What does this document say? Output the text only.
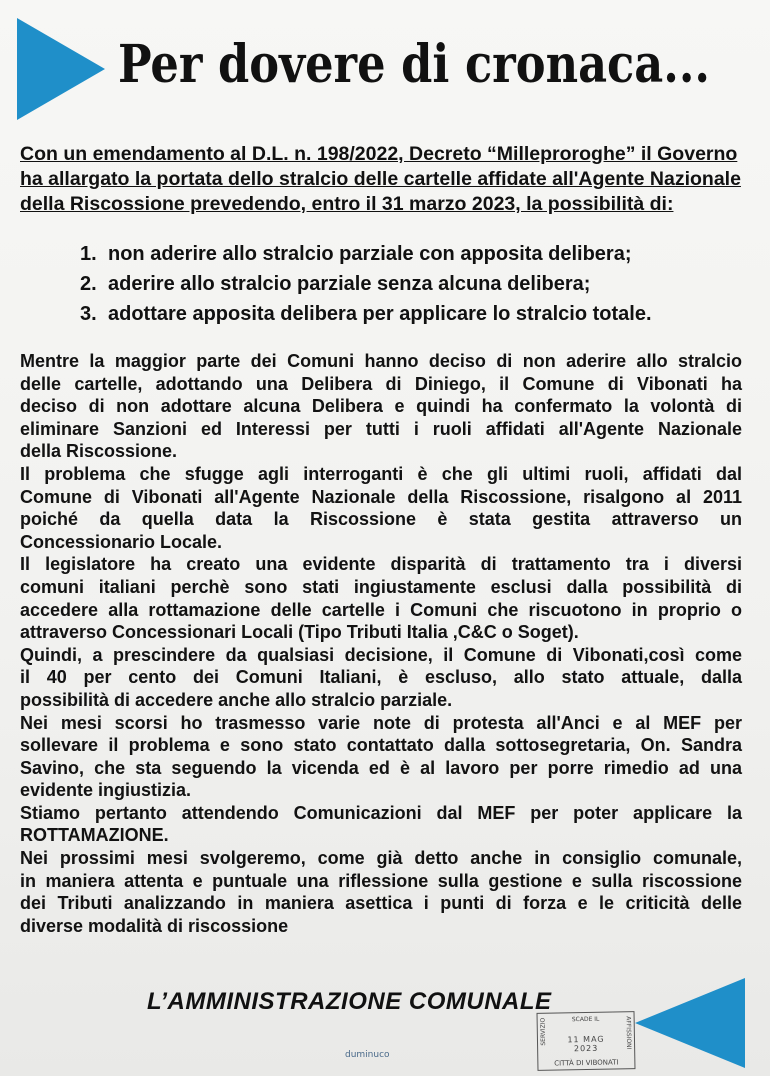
Per dovere di cronaca...
Con un emendamento al D.L. n. 198/2022, Decreto “Milleproroghe” il Governo
ha allargato la portata dello stralcio delle cartelle affidate all'Agente Nazionale
della Riscossione prevedendo, entro il 31 marzo 2023, la possibilità di:
1. non aderire allo stralcio parziale con apposita delibera;
2. aderire allo stralcio parziale senza alcuna delibera;
3. adottare apposita delibera per applicare lo stralcio totale.
Mentre la maggior parte dei Comuni hanno deciso di non aderire allo stralcio
delle cartelle, adottando una Delibera di Diniego, il Comune di Vibonati ha
deciso di non adottare alcuna Delibera e quindi ha confermato la volontà di
eliminare Sanzioni ed Interessi per tutti i ruoli affidati all'Agente Nazionale
della Riscossione.
Il problema che sfugge agli interroganti è che gli ultimi ruoli, affidati dal
Comune di Vibonati all'Agente Nazionale della Riscossione, risalgono al 2011
poiché da quella data la Riscossione è stata gestita attraverso un
Concessionario Locale.
Il legislatore ha creato una evidente disparità di trattamento tra i diversi
comuni italiani perchè sono stati ingiustamente esclusi dalla possibilità di
accedere alla rottamazione delle cartelle i Comuni che riscuotono in proprio o
attraverso Concessionari Locali (Tipo Tributi Italia ,C&C o Soget).
Quindi, a prescindere da qualsiasi decisione, il Comune di Vibonati,così come
il 40 per cento dei Comuni Italiani, è escluso, allo stato attuale, dalla
possibilità di accedere anche allo stralcio parziale.
Nei mesi scorsi ho trasmesso varie note di protesta all'Anci e al MEF per
sollevare il problema e sono stato contattato dalla sottosegretaria, On. Sandra
Savino, che sta seguendo la vicenda ed è al lavoro per porre rimedio ad una
evidente ingiustizia.
Stiamo pertanto attendendo Comunicazioni dal MEF per poter applicare la
ROTTAMAZIONE.
Nei prossimi mesi svolgeremo, come già detto anche in consiglio comunale,
in maniera attenta e puntuale una riflessione sulla gestione e sulla riscossione
dei Tributi analizzando in maniera asettica i punti di forza e le criticità delle
diverse modalità di riscossione
L’AMMINISTRAZIONE COMUNALE
SERVIZIO	SCADE IL
11 MAG 2023	AFFISSIONI
CITTÀ DI VIBONATI
duminuco
